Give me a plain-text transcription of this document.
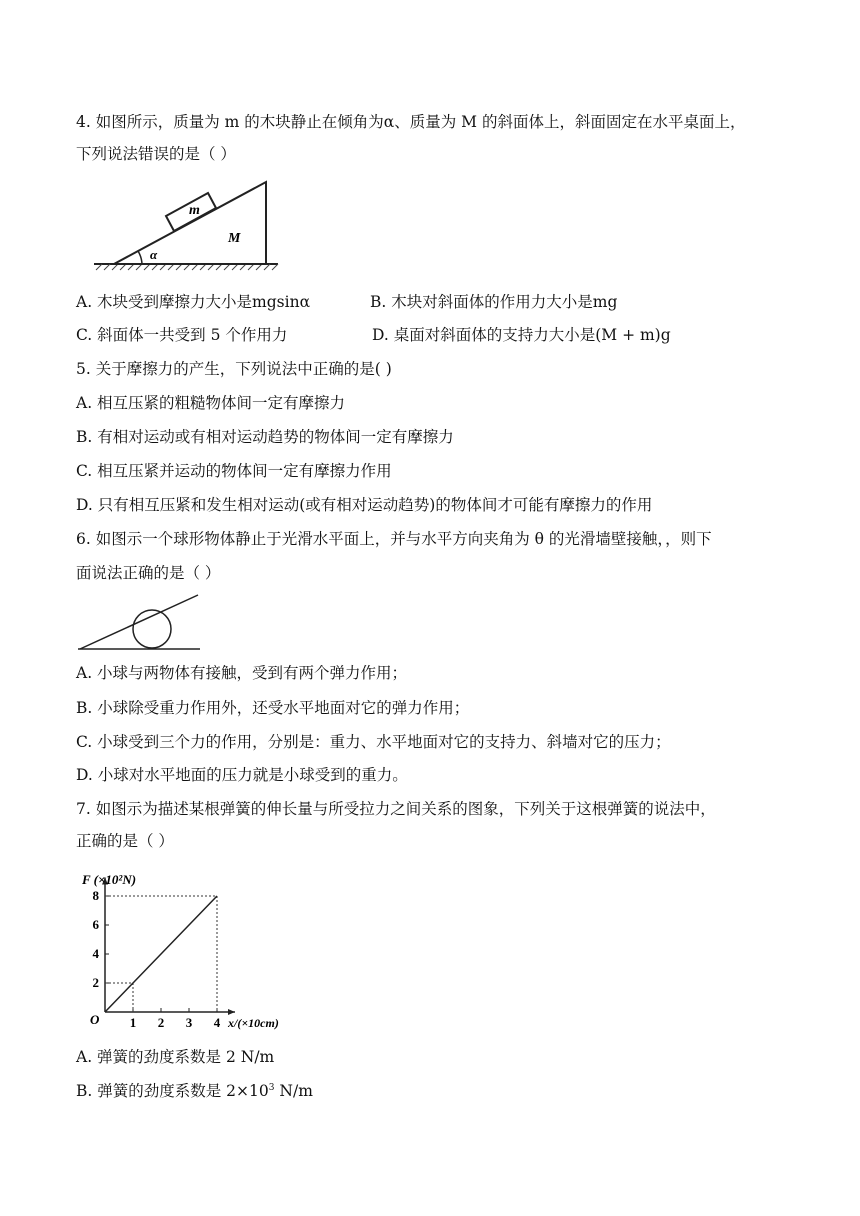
4. 如图所示，质量为 m 的木块静止在倾角为α、质量为 M 的斜面体上，斜面固定在水平桌面上，
下列说法错误的是（ ）
m
M
α
A. 木块受到摩擦力大小是mgsinα	B. 木块对斜面体的作用力大小是mg
C. 斜面体一共受到 5 个作用力	D. 桌面对斜面体的支持力大小是(M + m)g
5. 关于摩擦力的产生，下列说法中正确的是( )
A. 相互压紧的粗糙物体间一定有摩擦力
B. 有相对运动或有相对运动趋势的物体间一定有摩擦力
C. 相互压紧并运动的物体间一定有摩擦力作用
D. 只有相互压紧和发生相对运动(或有相对运动趋势)的物体间才可能有摩擦力的作用
6. 如图示一个球形物体静止于光滑水平面上，并与水平方向夹角为 θ 的光滑墙壁接触，，则下
面说法正确的是（ ）
A. 小球与两物体有接触，受到有两个弹力作用；
B. 小球除受重力作用外，还受水平地面对它的弹力作用；
C. 小球受到三个力的作用，分别是：重力、水平地面对它的支持力、斜墙对它的压力；
D. 小球对水平地面的压力就是小球受到的重力。
7. 如图示为描述某根弹簧的伸长量与所受拉力之间关系的图象，下列关于这根弹簧的说法中，
正确的是（ ）
1 2 3 4
2
4
6
8
F (×10²N)
x/(×10cm)
O
A. 弹簧的劲度系数是 2 N/m
B. 弹簧的劲度系数是 $2\times 10^3$ N/m
